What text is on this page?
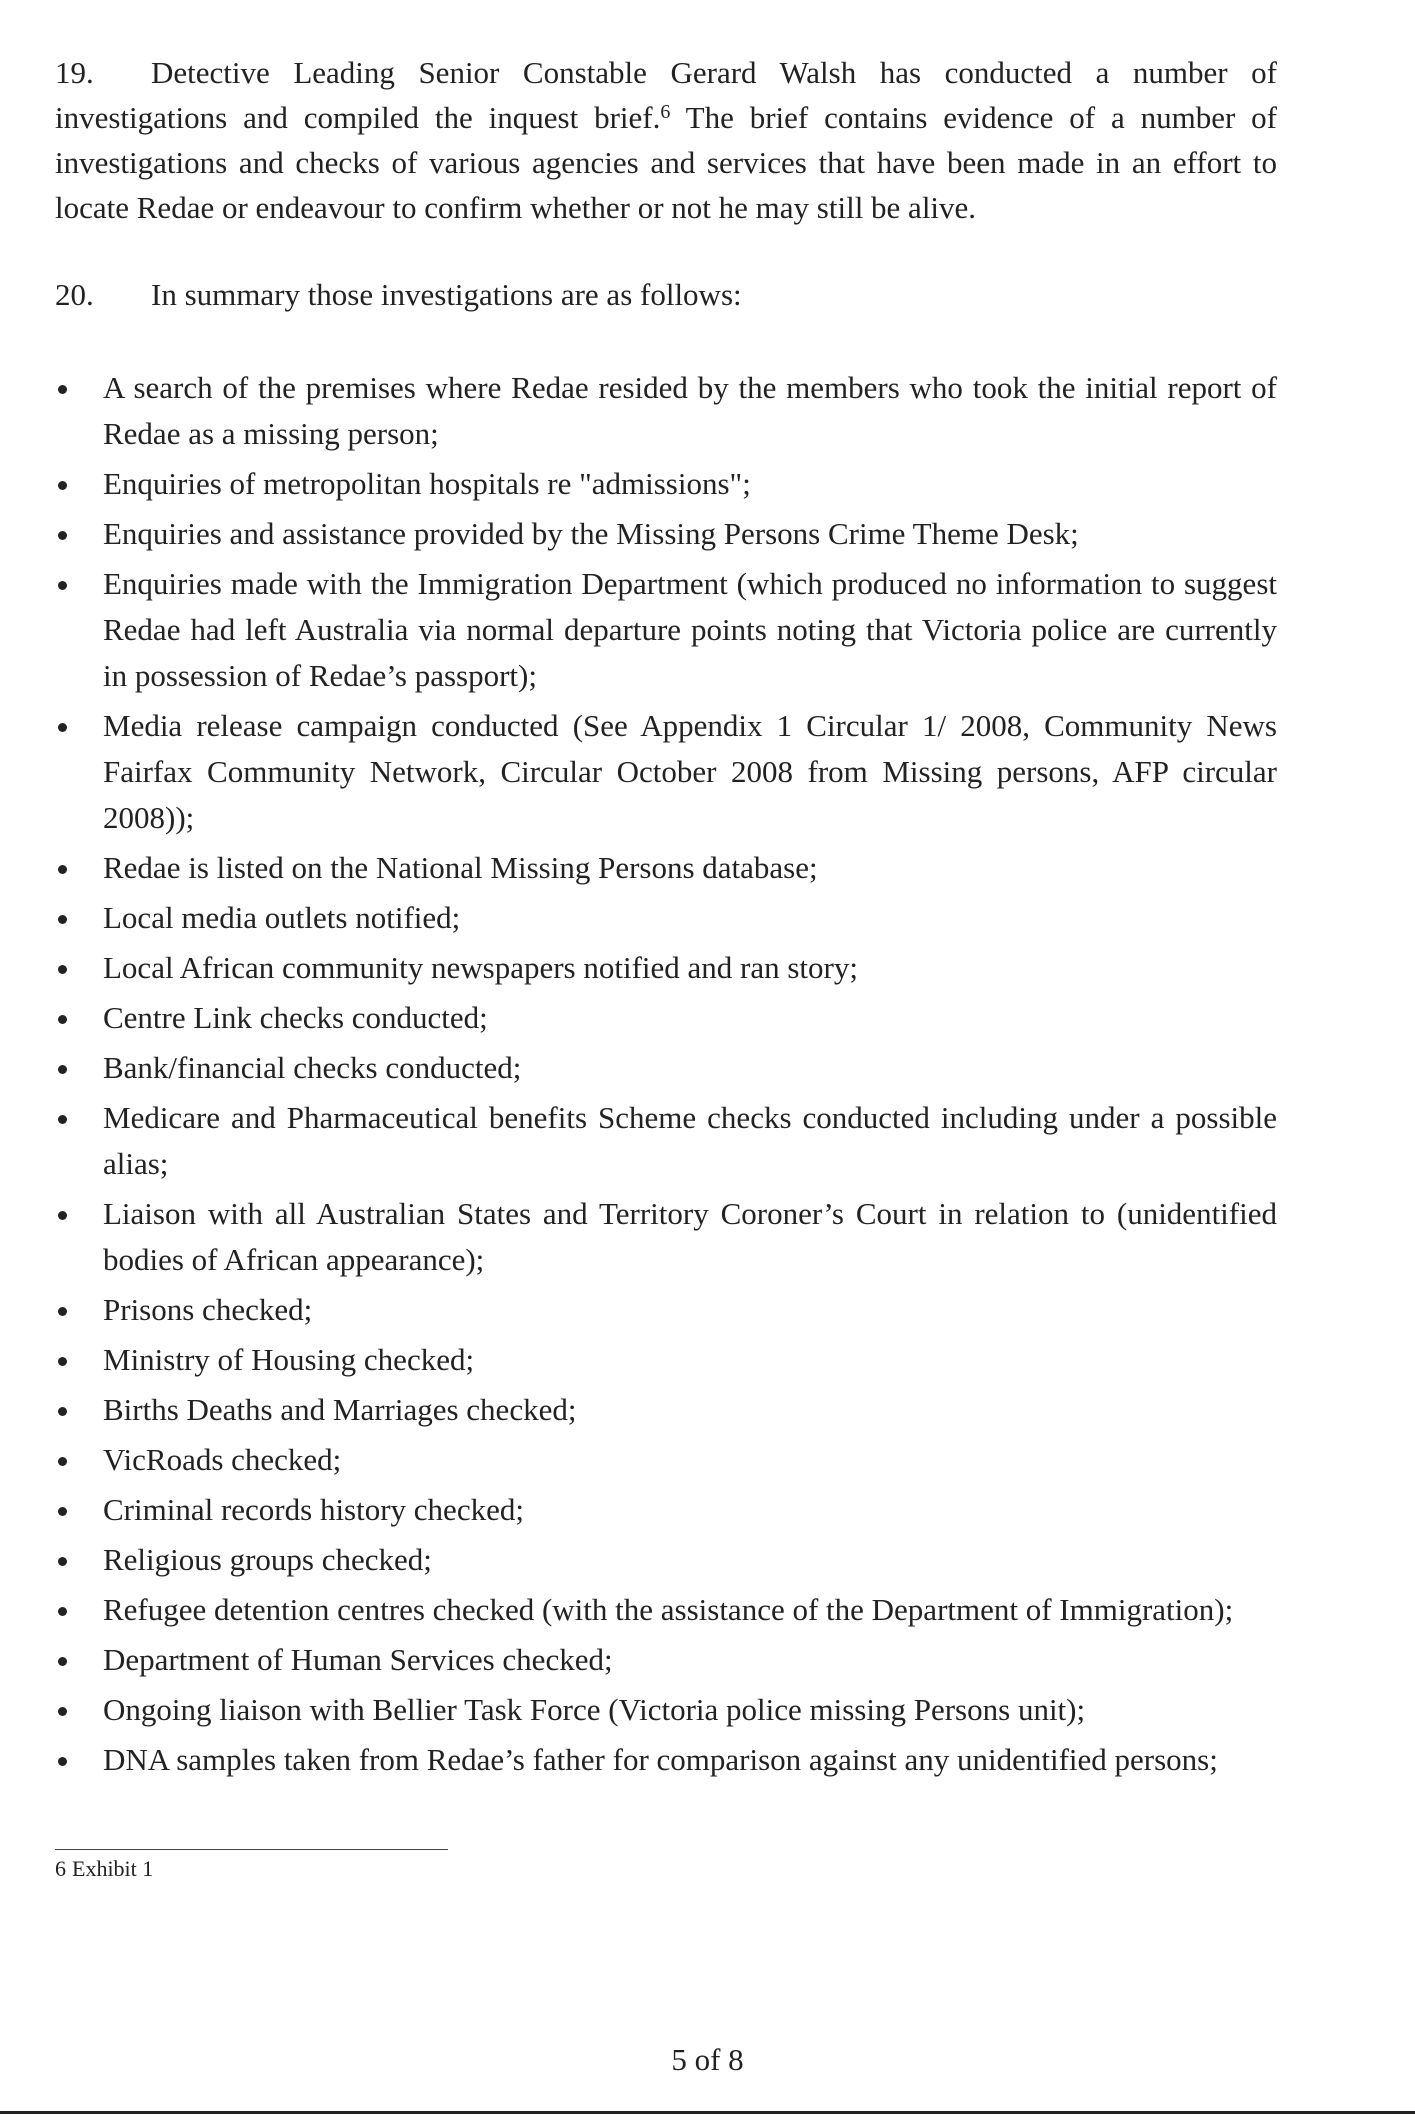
19. Detective Leading Senior Constable Gerard Walsh has conducted a number of investigations and compiled the inquest brief.$^6$ The brief contains evidence of a number of investigations and checks of various agencies and services that have been made in an effort to locate Redae or endeavour to confirm whether or not he may still be alive.
20. In summary those investigations are as follows:
A search of the premises where Redae resided by the members who took the initial report of Redae as a missing person;
Enquiries of metropolitan hospitals re "admissions";
Enquiries and assistance provided by the Missing Persons Crime Theme Desk;
Enquiries made with the Immigration Department (which produced no information to suggest Redae had left Australia via normal departure points noting that Victoria police are currently in possession of Redae’s passport);
Media release campaign conducted (See Appendix 1 Circular 1/ 2008, Community News Fairfax Community Network, Circular October 2008 from Missing persons, AFP circular 2008));
Redae is listed on the National Missing Persons database;
Local media outlets notified;
Local African community newspapers notified and ran story;
Centre Link checks conducted;
Bank/financial checks conducted;
Medicare and Pharmaceutical benefits Scheme checks conducted including under a possible alias;
Liaison with all Australian States and Territory Coroner’s Court in relation to (unidentified bodies of African appearance);
Prisons checked;
Ministry of Housing checked;
Births Deaths and Marriages checked;
VicRoads checked;
Criminal records history checked;
Religious groups checked;
Refugee detention centres checked (with the assistance of the Department of Immigration);
Department of Human Services checked;
Ongoing liaison with Bellier Task Force (Victoria police missing Persons unit);
DNA samples taken from Redae’s father for comparison against any unidentified persons;
6 Exhibit 1
5 of 8
